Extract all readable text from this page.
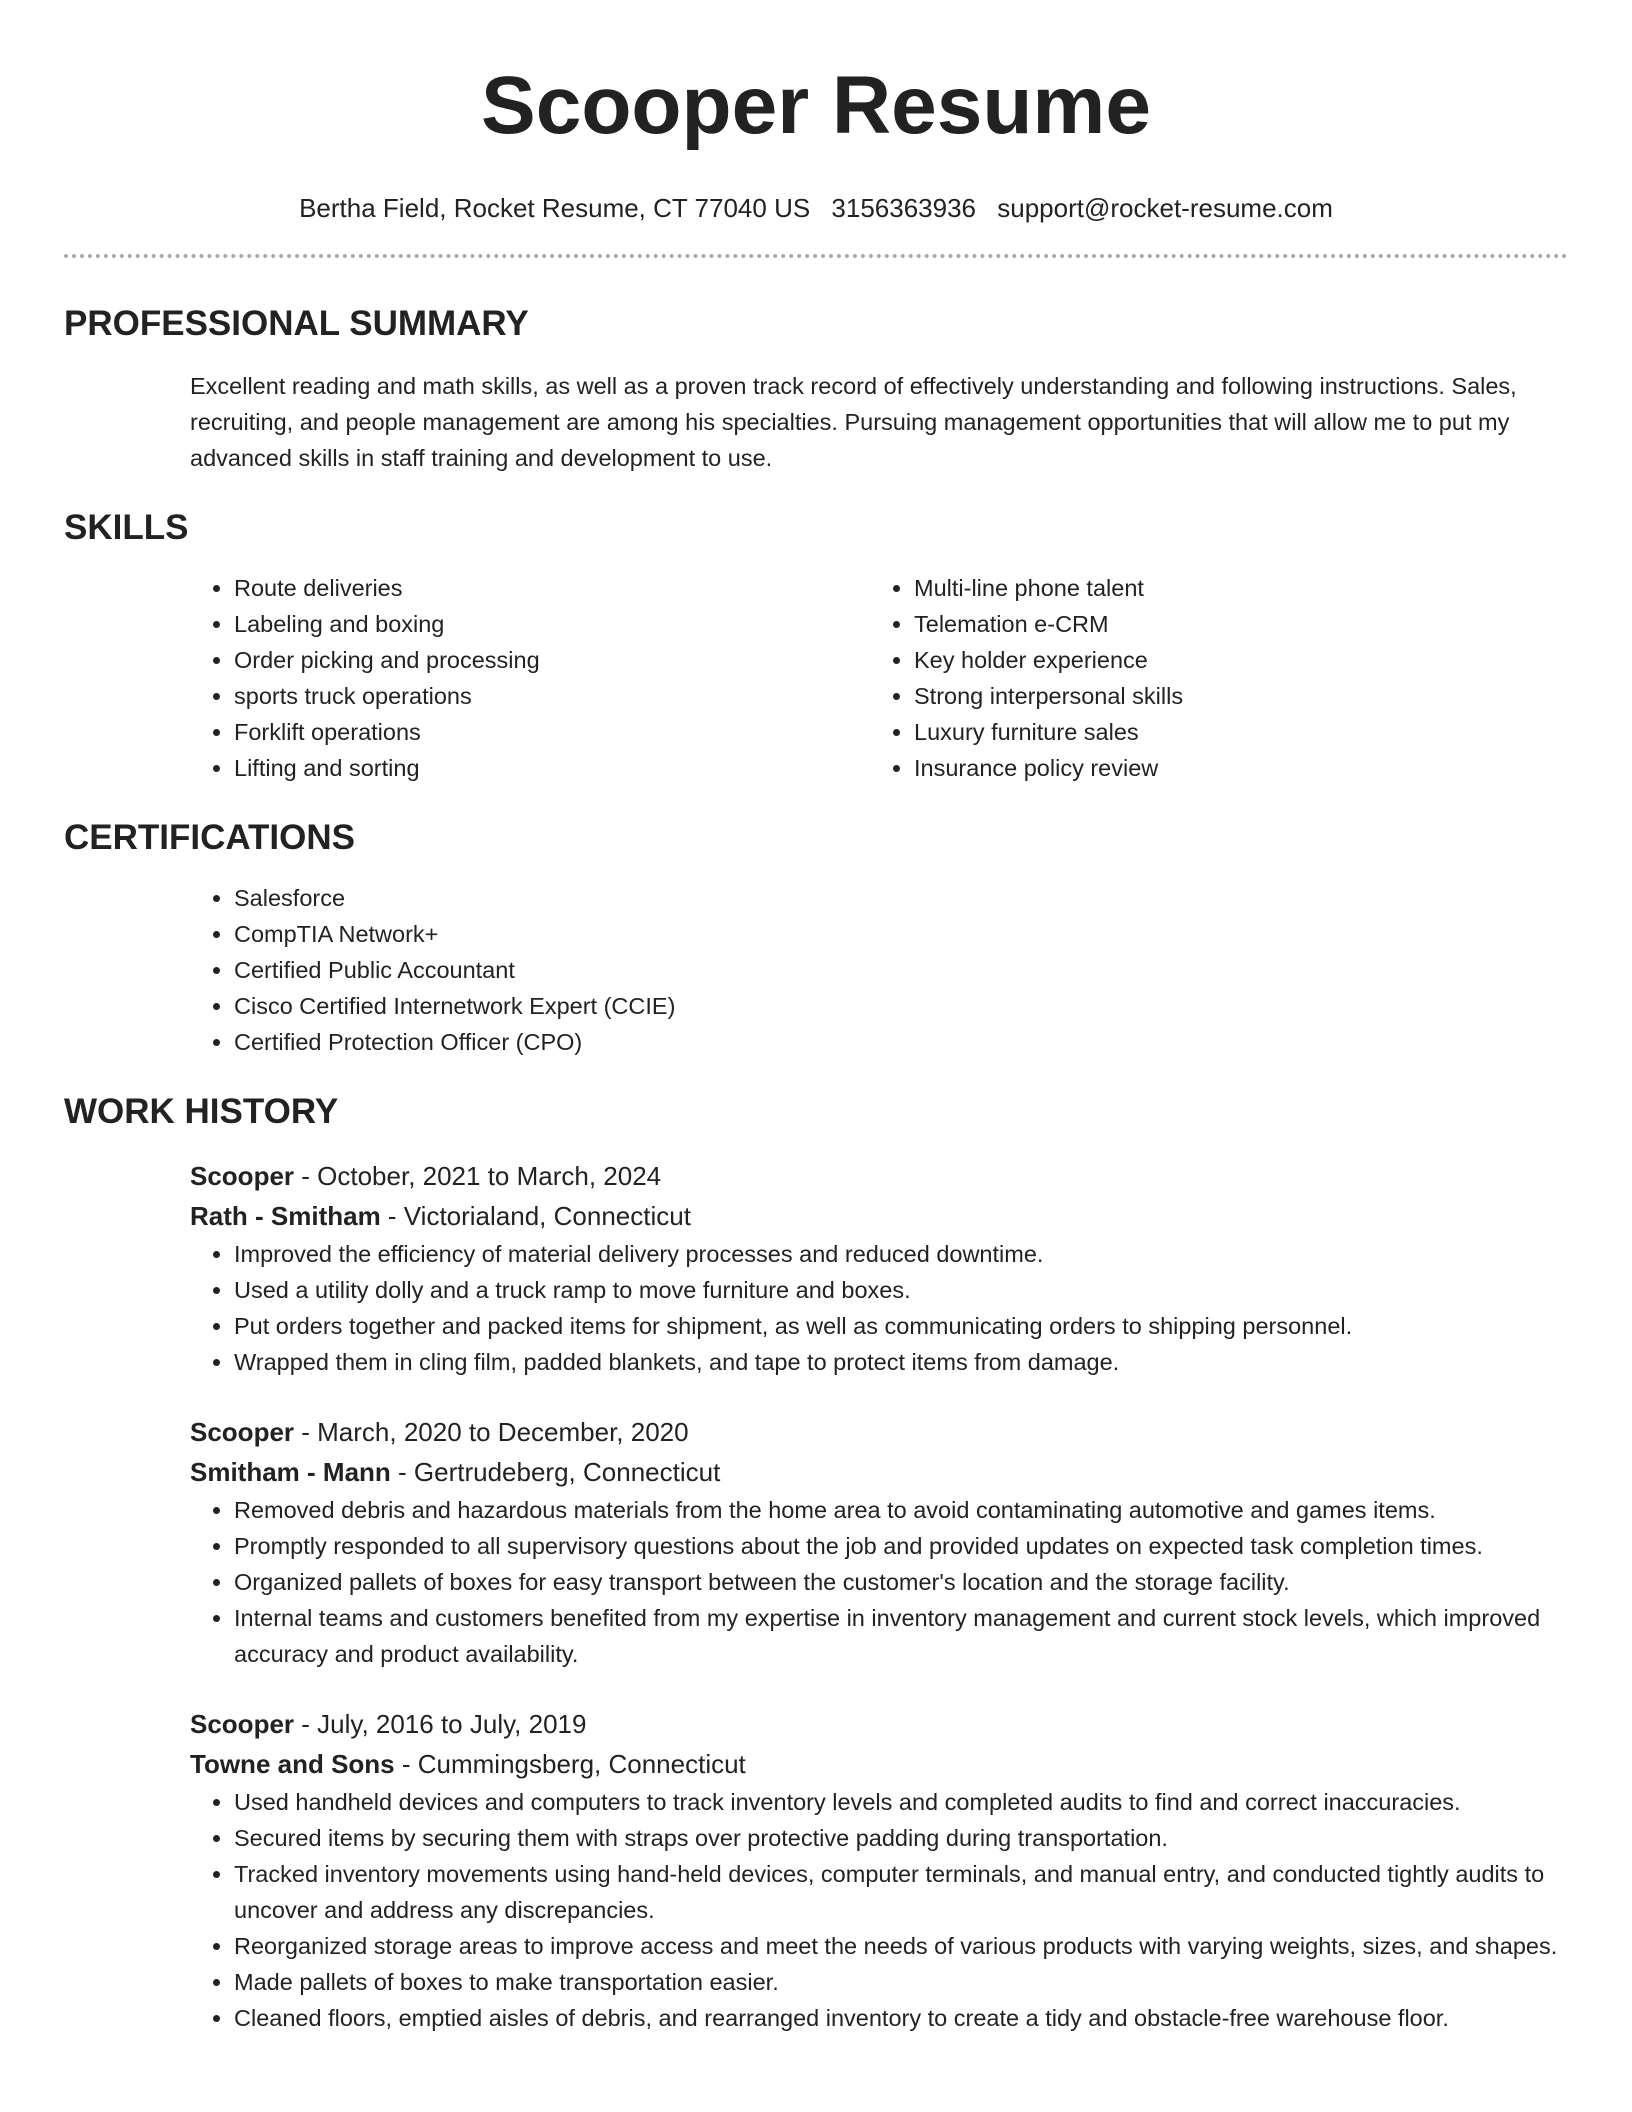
Scooper Resume
Bertha Field, Rocket Resume, CT 77040 US 3156363936 support@rocket-resume.com
PROFESSIONAL SUMMARY

Excellent reading and math skills, as well as a proven track record of effectively understanding and following instructions. Sales, recruiting, and people management are among his specialties. Pursuing management opportunities that will allow me to put my advanced skills in staff training and development to use.

SKILLS
• Route deliveries
• Labeling and boxing
• Order picking and processing
• sports truck operations
• Forklift operations
• Lifting and sorting
• Multi-line phone talent
• Telemation e-CRM
• Key holder experience
• Strong interpersonal skills
• Luxury furniture sales
• Insurance policy review
CERTIFICATIONS
• Salesforce
• CompTIA Network+
• Certified Public Accountant
• Cisco Certified Internetwork Expert (CCIE)
• Certified Protection Officer (CPO)
WORK HISTORY
Scooper - October, 2021 to March, 2024
Rath - Smitham - Victorialand, Connecticut
• Improved the efficiency of material delivery processes and reduced downtime.
• Used a utility dolly and a truck ramp to move furniture and boxes.
• Put orders together and packed items for shipment, as well as communicating orders to shipping personnel.
• Wrapped them in cling film, padded blankets, and tape to protect items from damage.
Scooper - March, 2020 to December, 2020
Smitham - Mann - Gertrudeberg, Connecticut
• Removed debris and hazardous materials from the home area to avoid contaminating automotive and games items.
• Promptly responded to all supervisory questions about the job and provided updates on expected task completion times.
• Organized pallets of boxes for easy transport between the customer's location and the storage facility.
• Internal teams and customers benefited from my expertise in inventory management and current stock levels, which improved accuracy and product availability.
Scooper - July, 2016 to July, 2019
Towne and Sons - Cummingsberg, Connecticut
• Used handheld devices and computers to track inventory levels and completed audits to find and correct inaccuracies.
• Secured items by securing them with straps over protective padding during transportation.
• Tracked inventory movements using hand-held devices, computer terminals, and manual entry, and conducted tightly audits to uncover and address any discrepancies.
• Reorganized storage areas to improve access and meet the needs of various products with varying weights, sizes, and shapes.
• Made pallets of boxes to make transportation easier.
• Cleaned floors, emptied aisles of debris, and rearranged inventory to create a tidy and obstacle-free warehouse floor.
